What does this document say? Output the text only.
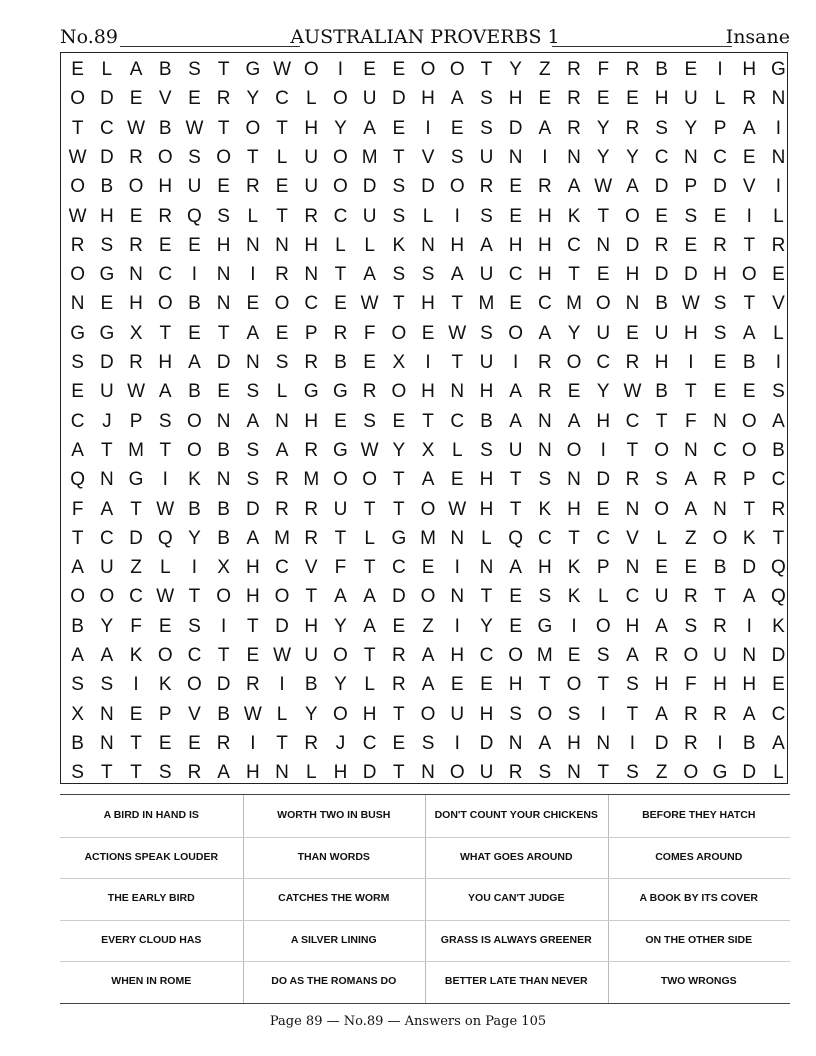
No.89	AUSTRALIAN PROVERBS 1	Insane
E L A B S T G W O	I	E E O O T Y Z R F R B E	I	H G
O D E V E R Y C L O U D H A S H E R E E H U L R N
T C W B W T O T H Y A E	I	E S D A R Y R S Y P A	I
W D R O S O T L U O M T V S U N	I	N Y Y C N C E N
O B O H U E R E U O D S D O R E R A W A D P D V	I
W H E R Q S L T R C U S L	I	S E H K T O E S E	I	L
R S R E E H N N H L L K N H A H H C N D R E R T R
O G N C	I	N	I	R N T A S S A U C H T E H D D H O E
N E H O B N E O C E W T H T M E C M O N B W S T V
G G X T E T A E P R F O E W S O A Y U E U H S A L
S D R H A D N S R B E X	I	T U	I	R O C R H	I	E B	I
E U W A B E S L G G R O H N H A R E Y W B T E E S
C J P S O N A N H E S E T C B A N A H C T F N O A
A T M T O B S A R G W Y X L S U N O	I	T O N C O B
Q N G	I	K N S R M O O T A E H T S N D R S A R P C
F A T W B B D R R U T T O W H T K H E N O A N T R
T C D Q Y B A M R T L G M N L Q C T C V L Z O K T
A U Z L	I	X H C V F T C E	I	N A H K P N E E B D Q
O O C W T O H O T A A D O N T E S K L C U R T A Q
B Y F E S	I	T D H Y A E Z	I	Y E G	I	O H A S R	I	K
A A K O C T E W U O T R A H C O M E S A R O U N D
S S	I	K O D R	I	B Y L R A E E H T O T S H F H H E
X N E P V B W L Y O H T O U H S O S	I	T A R R A C
B N T E E R	I	T R J C E S	I	D N A H N	I	D R	I	B A
S T T S R A H N L H D T N O U R S N T S Z O G D L
A BIRD IN HAND IS	WORTH TWO IN BUSH	DON'T COUNT YOUR CHICKENS	BEFORE THEY HATCH
ACTIONS SPEAK LOUDER	THAN WORDS	WHAT GOES AROUND	COMES AROUND
THE EARLY BIRD	CATCHES THE WORM	YOU CAN'T JUDGE	A BOOK BY ITS COVER
EVERY CLOUD HAS	A SILVER LINING	GRASS IS ALWAYS GREENER	ON THE OTHER SIDE
WHEN IN ROME	DO AS THE ROMANS DO	BETTER LATE THAN NEVER	TWO WRONGS
Page 89 — No.89 — Answers on Page 105
